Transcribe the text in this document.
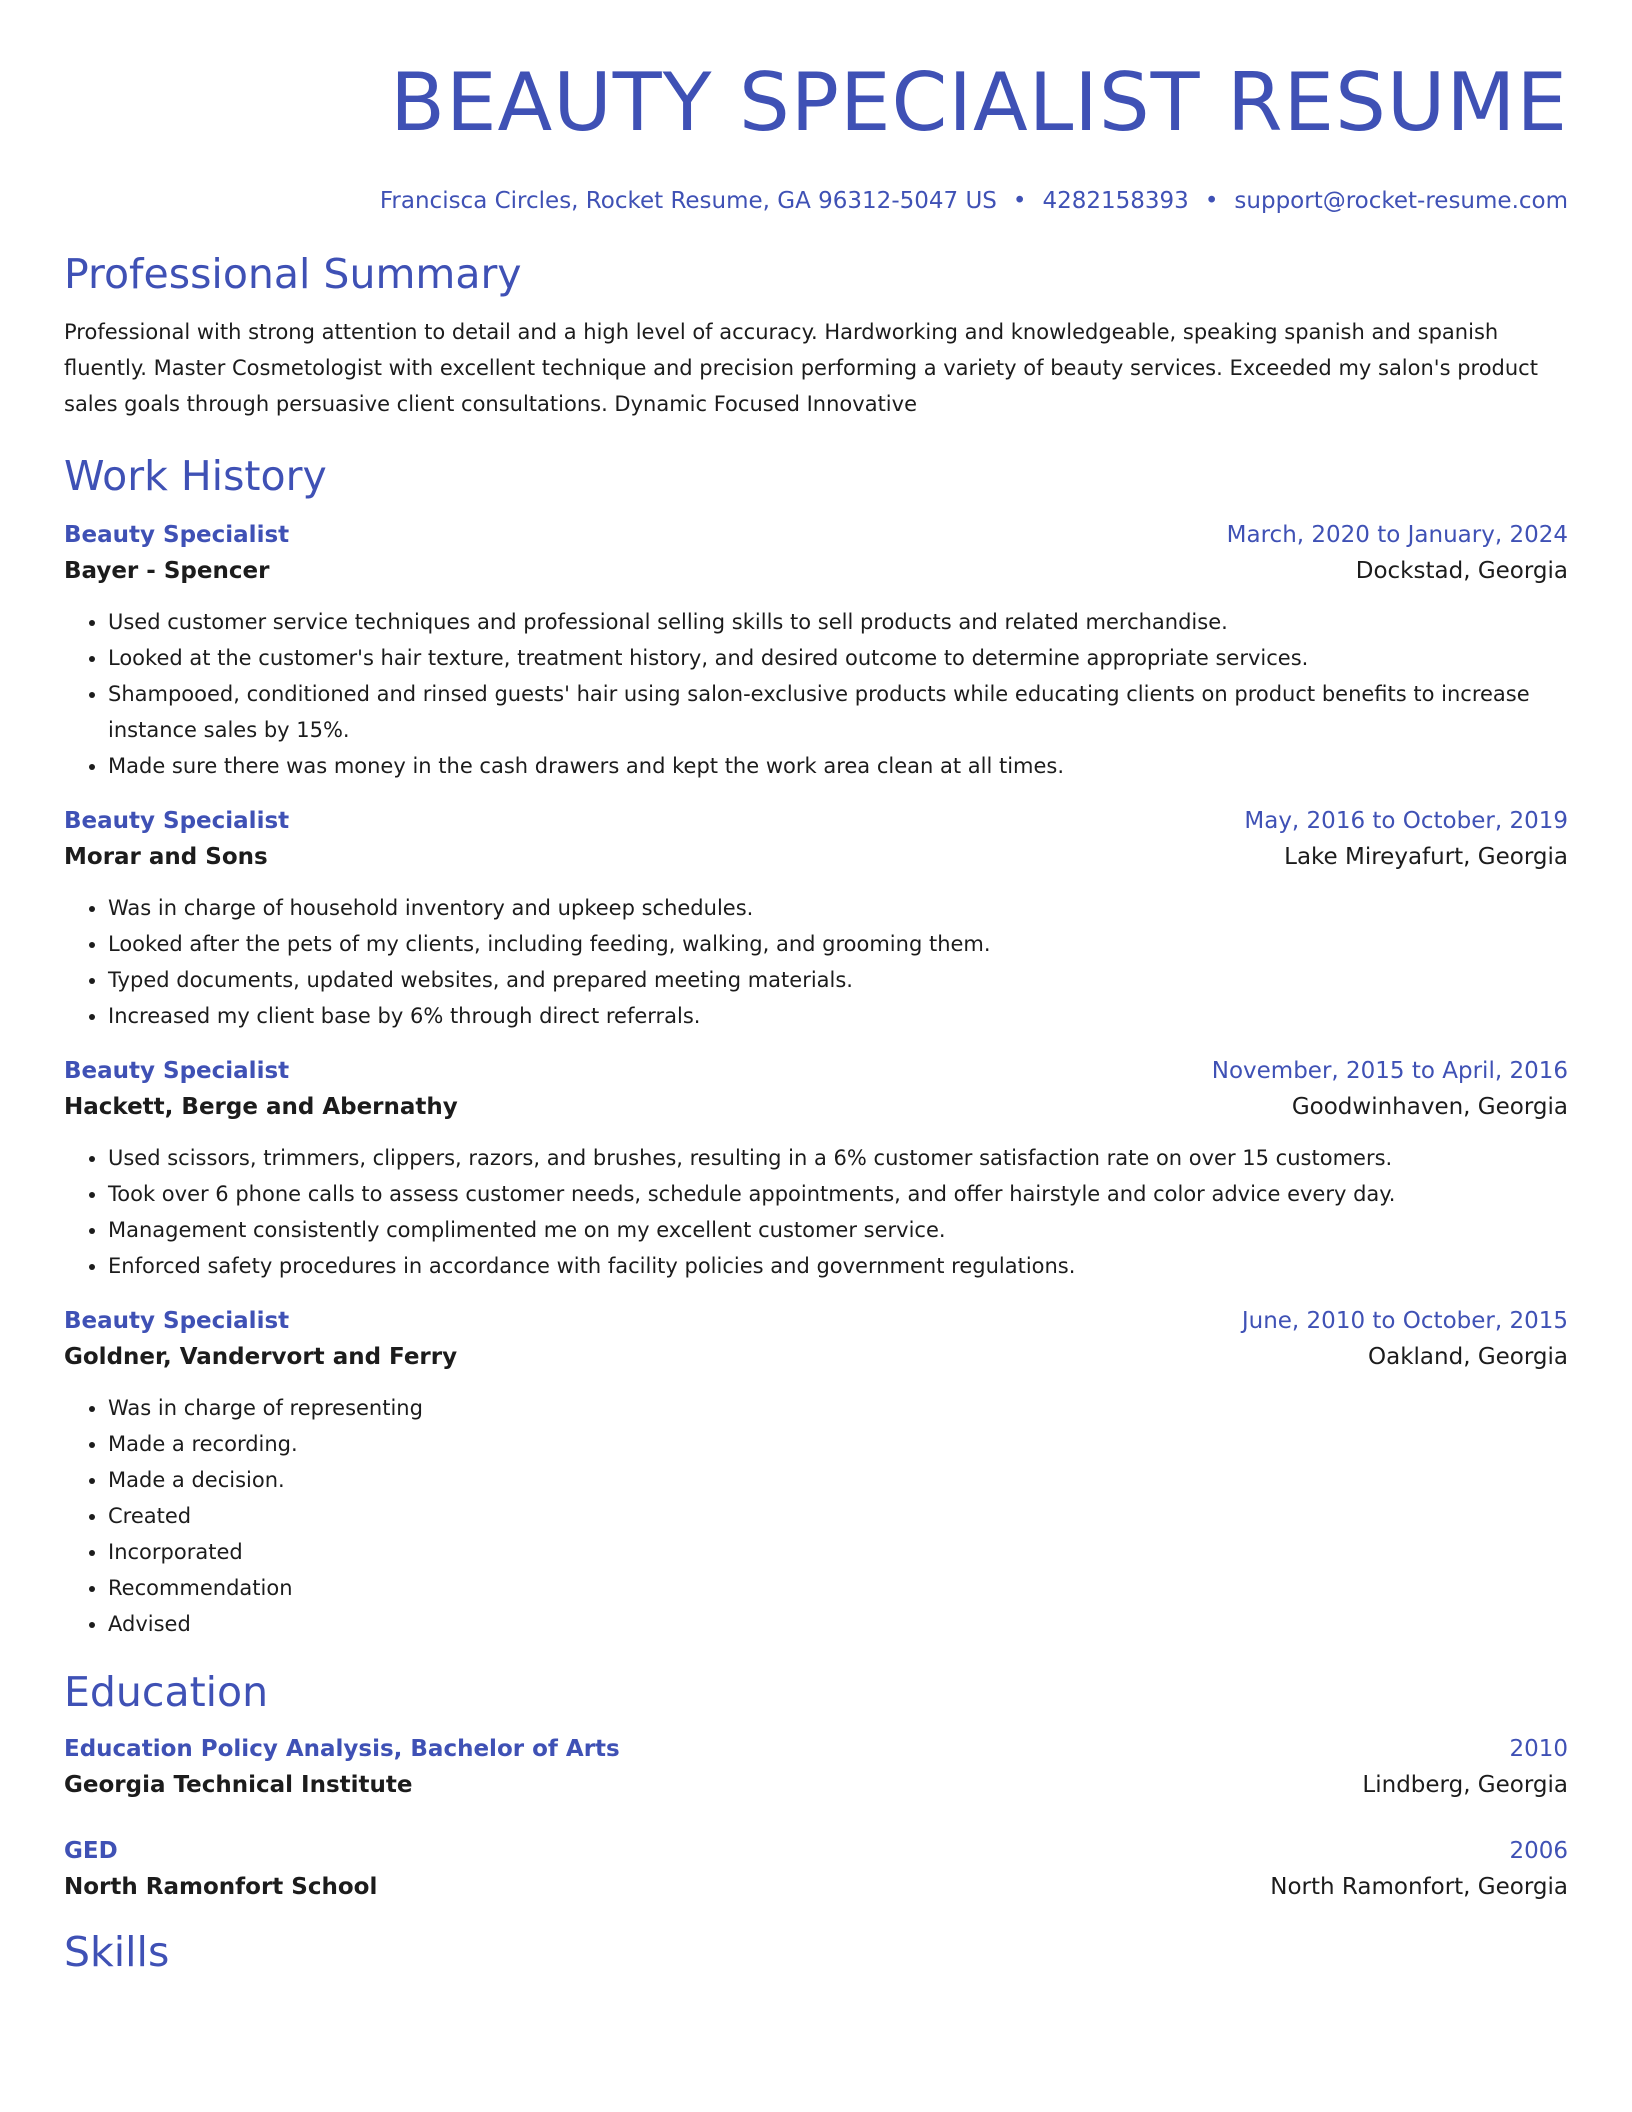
BEAUTY SPECIALIST RESUME
Francisca Circles, Rocket Resume, GA 96312-5047 US • 4282158393 • support@rocket-resume.com
Professional Summary
Professional with strong attention to detail and a high level of accuracy. Hardworking and knowledgeable, speaking spanish and spanish fluently. Master Cosmetologist with excellent technique and precision performing a variety of beauty services. Exceeded my salon's product sales goals through persuasive client consultations. Dynamic Focused Innovative
Work History
Beauty Specialist	March, 2020 to January, 2024
Bayer - Spencer	Dockstad, Georgia
• Used customer service techniques and professional selling skills to sell products and related merchandise.
• Looked at the customer's hair texture, treatment history, and desired outcome to determine appropriate services.
• Shampooed, conditioned and rinsed guests' hair using salon-exclusive products while educating clients on product benefits to increase instance sales by 15%.
• Made sure there was money in the cash drawers and kept the work area clean at all times.
Beauty Specialist	May, 2016 to October, 2019
Morar and Sons	Lake Mireyafurt, Georgia
• Was in charge of household inventory and upkeep schedules.
• Looked after the pets of my clients, including feeding, walking, and grooming them.
• Typed documents, updated websites, and prepared meeting materials.
• Increased my client base by 6% through direct referrals.
Beauty Specialist	November, 2015 to April, 2016
Hackett, Berge and Abernathy	Goodwinhaven, Georgia
• Used scissors, trimmers, clippers, razors, and brushes, resulting in a 6% customer satisfaction rate on over 15 customers.
• Took over 6 phone calls to assess customer needs, schedule appointments, and offer hairstyle and color advice every day.
• Management consistently complimented me on my excellent customer service.
• Enforced safety procedures in accordance with facility policies and government regulations.
Beauty Specialist	June, 2010 to October, 2015
Goldner, Vandervort and Ferry	Oakland, Georgia
• Was in charge of representing
• Made a recording.
• Made a decision.
• Created
• Incorporated
• Recommendation
• Advised
Education
Education Policy Analysis, Bachelor of Arts	2010
Georgia Technical Institute	Lindberg, Georgia
GED	2006
North Ramonfort School	North Ramonfort, Georgia
Skills
